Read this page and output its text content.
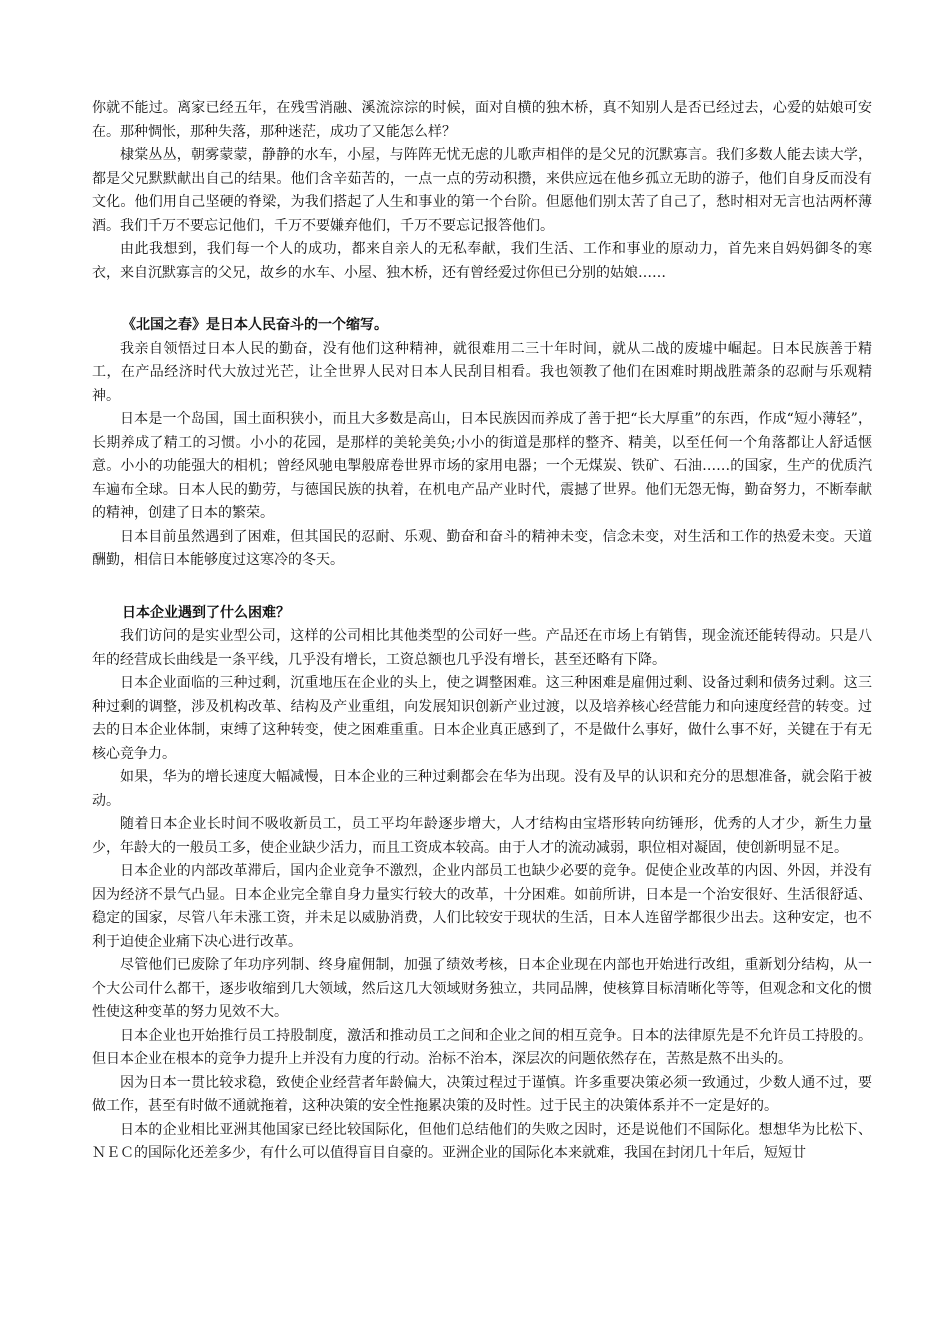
你就不能过。离家已经五年，在残雪消融、溪流淙淙的时候，面对自横的独木桥，真不知别人是否已经过去，心爱的姑娘可安在。那种惆怅，那种失落，那种迷茫，成功了又能怎么样？

棣棠丛丛，朝雾蒙蒙，静静的水车，小屋，与阵阵无忧无虑的儿歌声相伴的是父兄的沉默寡言。我们多数人能去读大学，都是父兄默默献出自己的结果。他们含辛茹苦的，一点一点的劳动积攒，来供应远在他乡孤立无助的游子，他们自身反而没有文化。他们用自己坚硬的脊梁，为我们搭起了人生和事业的第一个台阶。但愿他们别太苦了自己了，愁时相对无言也沽两杯薄酒。我们千万不要忘记他们，千万不要嫌弃他们，千万不要忘记报答他们。

由此我想到，我们每一个人的成功，都来自亲人的无私奉献，我们生活、工作和事业的原动力，首先来自妈妈御冬的寒衣，来自沉默寡言的父兄，故乡的水车、小屋、独木桥，还有曾经爱过你但已分别的姑娘……

《北国之春》是日本人民奋斗的一个缩写。

我亲自领悟过日本人民的勤奋，没有他们这种精神，就很难用二三十年时间，就从二战的废墟中崛起。日本民族善于精工，在产品经济时代大放过光芒，让全世界人民对日本人民刮目相看。我也领教了他们在困难时期战胜萧条的忍耐与乐观精神。

日本是一个岛国，国土面积狭小，而且大多数是高山，日本民族因而养成了善于把“长大厚重”的东西，作成“短小薄轻”，长期养成了精工的习惯。小小的花园，是那样的美轮美奂;小小的街道是那样的整齐、精美，以至任何一个角落都让人舒适惬意。小小的功能强大的相机；曾经风驰电掣般席卷世界市场的家用电器；一个无煤炭、铁矿、石油……的国家，生产的优质汽车遍布全球。日本人民的勤劳，与德国民族的执着，在机电产品产业时代，震撼了世界。他们无怨无悔，勤奋努力，不断奉献的精神，创建了日本的繁荣。

日本目前虽然遇到了困难，但其国民的忍耐、乐观、勤奋和奋斗的精神未变，信念未变，对生活和工作的热爱未变。天道酬勤，相信日本能够度过这寒冷的冬天。

日本企业遇到了什么困难？

我们访问的是实业型公司，这样的公司相比其他类型的公司好一些。产品还在市场上有销售，现金流还能转得动。只是八年的经营成长曲线是一条平线，几乎没有增长，工资总额也几乎没有增长，甚至还略有下降。

日本企业面临的三种过剩，沉重地压在企业的头上，使之调整困难。这三种困难是雇佣过剩、设备过剩和债务过剩。这三种过剩的调整，涉及机构改革、结构及产业重组，向发展知识创新产业过渡，以及培养核心经营能力和向速度经营的转变。过去的日本企业体制，束缚了这种转变，使之困难重重。日本企业真正感到了，不是做什么事好，做什么事不好，关键在于有无核心竞争力。

如果，华为的增长速度大幅减慢，日本企业的三种过剩都会在华为出现。没有及早的认识和充分的思想准备，就会陷于被动。

随着日本企业长时间不吸收新员工，员工平均年龄逐步增大，人才结构由宝塔形转向纺锤形，优秀的人才少，新生力量少，年龄大的一般员工多，使企业缺少活力，而且工资成本较高。由于人才的流动减弱，职位相对凝固，使创新明显不足。

日本企业的内部改革滞后，国内企业竞争不激烈，企业内部员工也缺少必要的竞争。促使企业改革的内因、外因，并没有因为经济不景气凸显。日本企业完全靠自身力量实行较大的改革，十分困难。如前所讲，日本是一个治安很好、生活很舒适、稳定的国家，尽管八年未涨工资，并未足以威胁消费，人们比较安于现状的生活，日本人连留学都很少出去。这种安定，也不利于迫使企业痛下决心进行改革。

尽管他们已废除了年功序列制、终身雇佣制，加强了绩效考核，日本企业现在内部也开始进行改组，重新划分结构，从一个大公司什么都干，逐步收缩到几大领域，然后这几大领域财务独立，共同品牌，使核算目标清晰化等等，但观念和文化的惯性使这种变革的努力见效不大。

日本企业也开始推行员工持股制度，激活和推动员工之间和企业之间的相互竞争。日本的法律原先是不允许员工持股的。但日本企业在根本的竞争力提升上并没有力度的行动。治标不治本，深层次的问题依然存在，苦熬是熬不出头的。

因为日本一贯比较求稳，致使企业经营者年龄偏大，决策过程过于谨慎。许多重要决策必须一致通过，少数人通不过，要做工作，甚至有时做不通就拖着，这种决策的安全性拖累决策的及时性。过于民主的决策体系并不一定是好的。

日本的企业相比亚洲其他国家已经比较国际化，但他们总结他们的失败之因时，还是说他们不国际化。想想华为比松下、ＮＥＣ的国际化还差多少，有什么可以值得盲目自豪的。亚洲企业的国际化本来就难，我国在封闭几十年后，短短廿
